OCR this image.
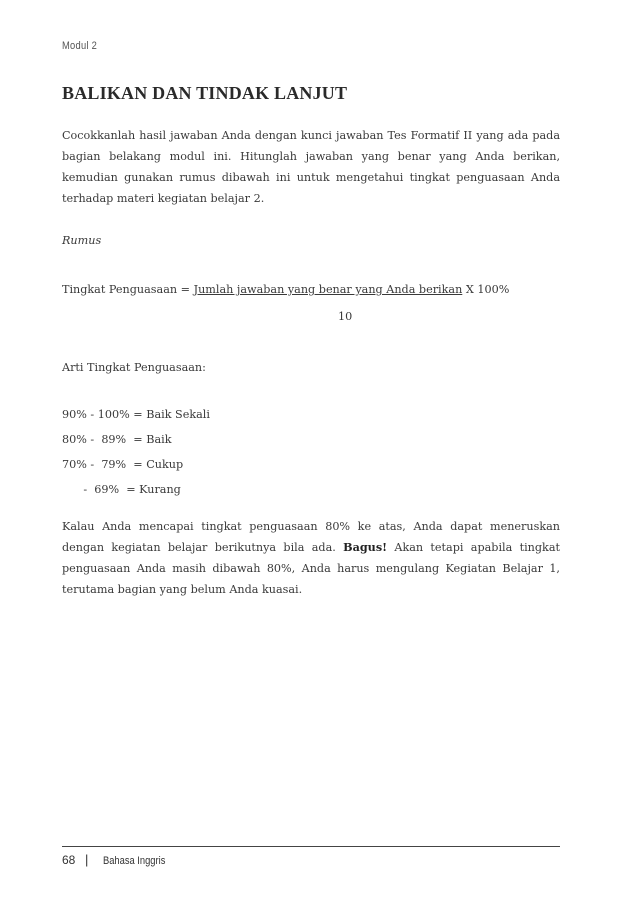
Modul 2
BALIKAN DAN TINDAK LANJUT

Cocokkanlah hasil jawaban Anda dengan kunci jawaban Tes Formatif II yang ada pada bagian belakang modul ini. Hitunglah jawaban yang benar yang Anda berikan, kemudian gunakan rumus dibawah ini untuk mengetahui tingkat penguasaan Anda terhadap materi kegiatan belajar 2.

Rumus
Tingkat Penguasaan = Jumlah jawaban yang benar yang Anda berikan X 100%
10
Arti Tingkat Penguasaan:
90% - 100% = Baik Sekali
80% -  89%  = Baik
70% -  79%  = Cukup
-  69%  = Kurang

Kalau Anda mencapai tingkat penguasaan 80% ke atas, Anda dapat meneruskan dengan kegiatan belajar berikutnya bila ada. Bagus! Akan tetapi apabila tingkat penguasaan Anda masih dibawah 80%, Anda harus mengulang Kegiatan Belajar 1, terutama bagian yang belum Anda kuasai.

68 | Bahasa Inggris
